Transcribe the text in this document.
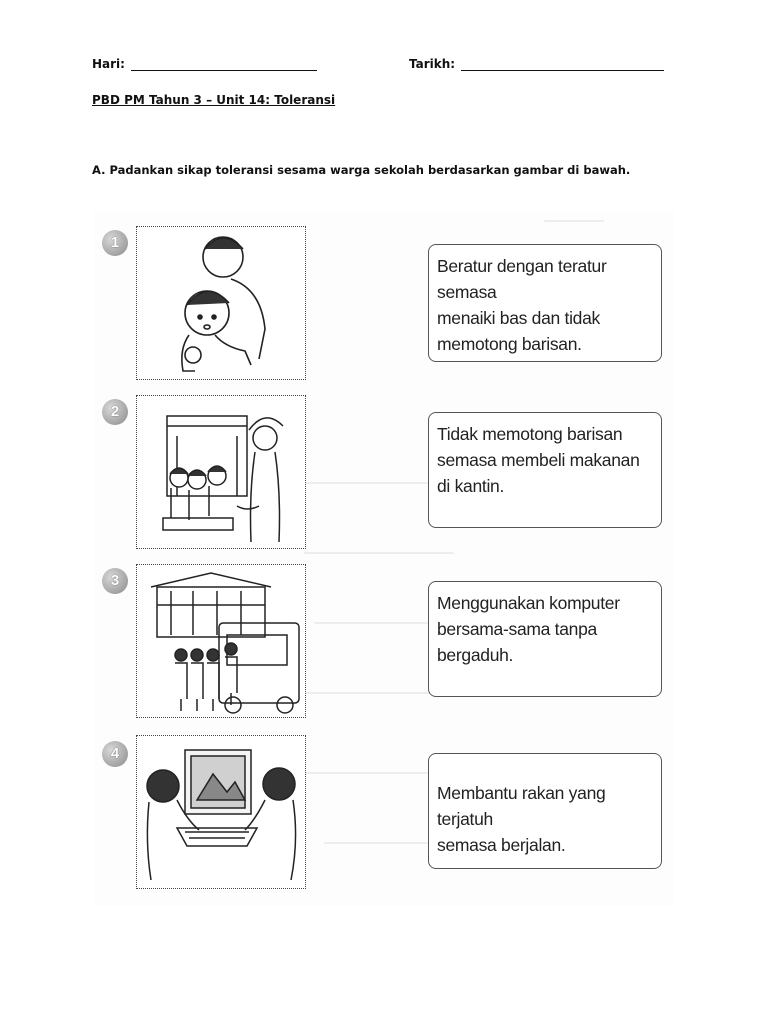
Hari:	Tarikh:
PBD PM Tahun 3 – Unit 14: Toleransi
A. Padankan sikap toleransi sesama warga sekolah berdasarkan gambar di bawah.
1
2
3
4
Beratur dengan teratur semasa
menaiki bas dan tidak
memotong barisan.
Tidak memotong barisan
semasa membeli makanan
di kantin.
Menggunakan komputer
bersama-sama tanpa
bergaduh.
Membantu rakan yang terjatuh
semasa berjalan.
